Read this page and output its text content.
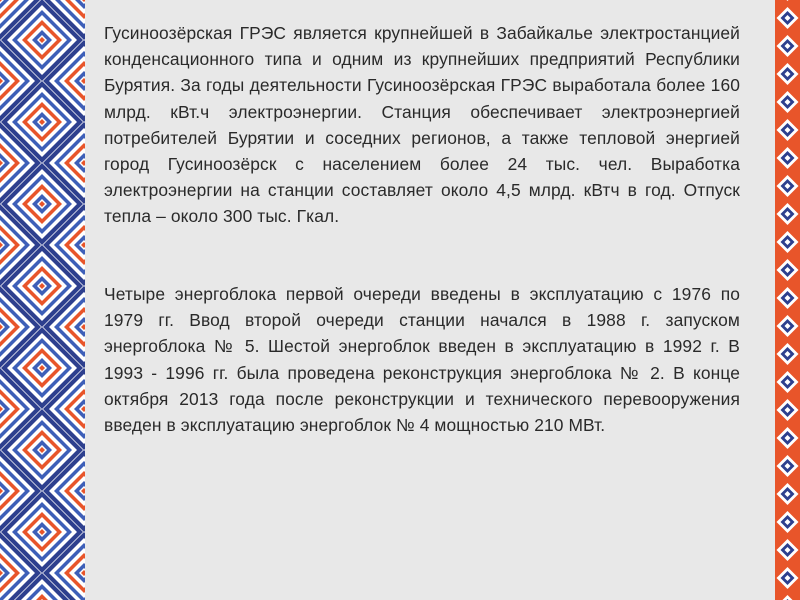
Гусиноозёрская ГРЭС является крупнейшей в Забайкалье электростанцией конденсационного типа и одним из крупнейших предприятий Республики Бурятия. За годы деятельности Гусиноозёрская ГРЭС выработала более 160 млрд. кВт.ч электроэнергии. Станция обеспечивает электроэнергией потребителей Бурятии и соседних регионов, а также тепловой энергией город Гусиноозёрск с населением более 24 тыс. чел. Выработка электроэнергии на станции составляет около 4,5 млрд. кВтч в год. Отпуск тепла – около 300 тыс. Гкал.

Четыре энергоблока первой очереди введены в эксплуатацию с 1976 по 1979 гг. Ввод второй очереди станции начался в 1988 г. запуском энергоблока № 5. Шестой энергоблок введен в эксплуатацию в 1992 г. В 1993 - 1996 гг. была проведена реконструкция энергоблока № 2. В конце октября 2013 года после реконструкции и технического перевооружения введен в эксплуатацию энергоблок № 4 мощностью 210 МВт.
